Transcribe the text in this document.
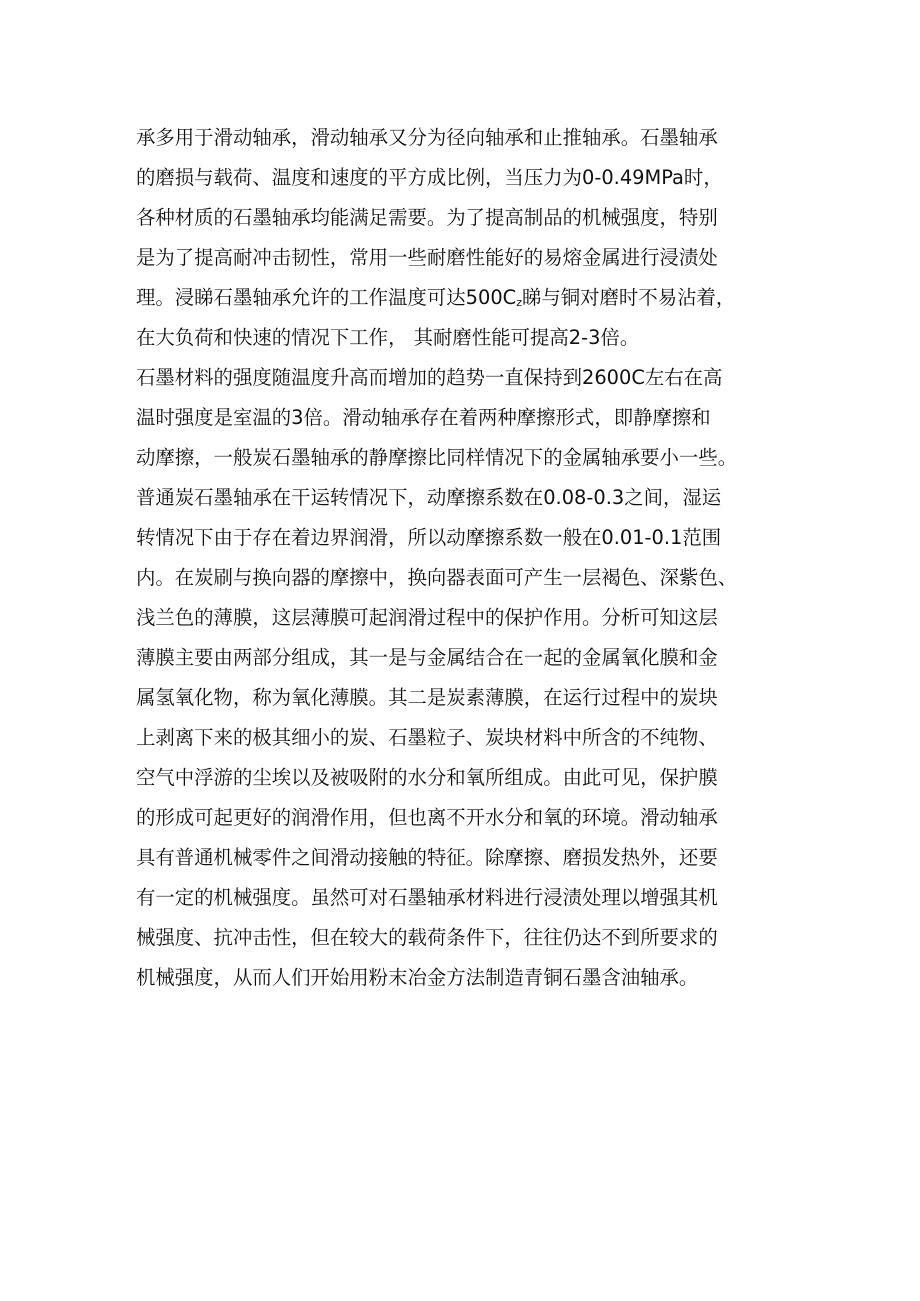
承多用于滑动轴承，滑动轴承又分为径向轴承和止推轴承。石墨轴承
的磨损与载荷、温度和速度的平方成比例，当压力为0-0.49MPa时，
各种材质的石墨轴承均能满足需要。为了提高制品的机械强度，特别
是为了提高耐冲击韧性，常用一些耐磨性能好的易熔金属进行浸渍处
理。浸睇石墨轴承允许的工作温度可达$500C_z$睇与铜对磨时不易沾着，
在大负荷和快速的情况下工作， 其耐磨性能可提高2-3倍。
石墨材料的强度随温度升高而增加的趋势一直保持到2600C左右在高
温时强度是室温的3倍。滑动轴承存在着两种摩擦形式，即静摩擦和
动摩擦，一般炭石墨轴承的静摩擦比同样情况下的金属轴承要小一些。
普通炭石墨轴承在干运转情况下，动摩擦系数在0.08-0.3之间，湿运
转情况下由于存在着边界润滑，所以动摩擦系数一般在0.01-0.1范围
内。在炭刷与换向器的摩擦中，换向器表面可产生一层褐色、深紫色、
浅兰色的薄膜，这层薄膜可起润滑过程中的保护作用。分析可知这层
薄膜主要由两部分组成，其一是与金属结合在一起的金属氧化膜和金
属氢氧化物，称为氧化薄膜。其二是炭素薄膜，在运行过程中的炭块
上剥离下来的极其细小的炭、石墨粒子、炭块材料中所含的不纯物、
空气中浮游的尘埃以及被吸附的水分和氧所组成。由此可见，保护膜
的形成可起更好的润滑作用，但也离不开水分和氧的环境。滑动轴承
具有普通机械零件之间滑动接触的特征。除摩擦、磨损发热外，还要
有一定的机械强度。虽然可对石墨轴承材料进行浸渍处理以增强其机
械强度、抗冲击性，但在较大的载荷条件下，往往仍达不到所要求的
机械强度，从而人们开始用粉末冶金方法制造青铜石墨含油轴承。
